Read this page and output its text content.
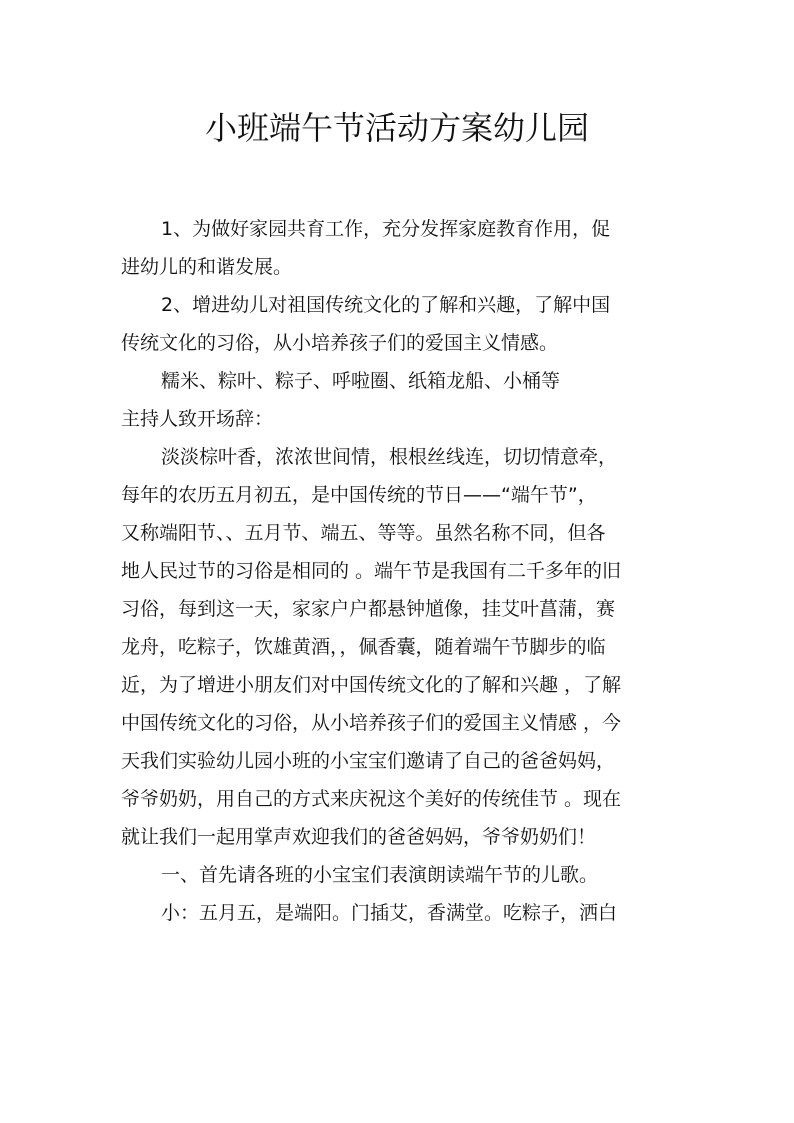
小班端午节活动方案幼儿园

1、为做好家园共育工作，充分发挥家庭教育作用，促
进幼儿的和谐发展。

2、增进幼儿对祖国传统文化的了解和兴趣，了解中国
传统文化的习俗，从小培养孩子们的爱国主义情感。

糯米、粽叶、粽子、呼啦圈、纸箱龙船、小桶等

主持人致开场辞：

淡淡棕叶香，浓浓世间情，根根丝线连，切切情意牵，
每年的农历五月初五，是中国传统的节日——“端午节”，
又称端阳节、、五月节、端五、等等。虽然名称不同，但各
地人民过节的习俗是相同的 。端午节是我国有二千多年的旧
习俗，每到这一天，家家户户都悬钟馗像，挂艾叶菖蒲，赛
龙舟，吃粽子，饮雄黄酒，，佩香囊，随着端午节脚步的临
近，为了增进小朋友们对中国传统文化的了解和兴趣 ，了解
中国传统文化的习俗，从小培养孩子们的爱国主义情感 ，今
天我们实验幼儿园小班的小宝宝们邀请了自己的爸爸妈妈，
爷爷奶奶，用自己的方式来庆祝这个美好的传统佳节 。现在
就让我们一起用掌声欢迎我们的爸爸妈妈，爷爷奶奶们！

一、首先请各班的小宝宝们表演朗读端午节的儿歌。

小：五月五，是端阳。门插艾，香满堂。吃粽子，洒白
